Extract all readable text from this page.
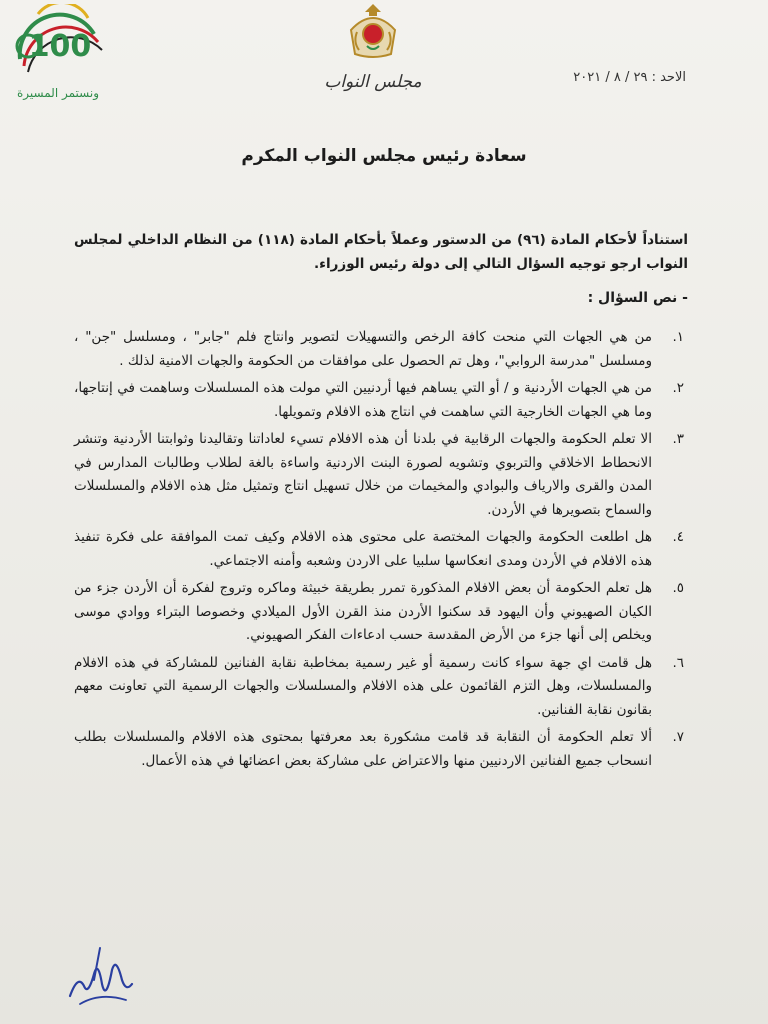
100
ونستمر المسيرة
مجلس النواب	الاحد : ٢٩ / ٨ / ٢٠٢١
سعادة رئيس مجلس النواب المكرم
استناداً لأحكام المادة (٩٦) من الدستور وعملاً بأحكام المادة (١١٨) من النظام الداخلي لمجلس النواب ارجو توجيه السؤال التالي إلى دولة رئيس الوزراء.
- نص السؤال :
١.
من هي الجهات التي منحت كافة الرخص والتسهيلات لتصوير وانتاج فلم "جابر" ، ومسلسل "جن" ، ومسلسل "مدرسة الروابي"، وهل تم الحصول على موافقات من الحكومة والجهات الامنية لذلك .
٢.
من هي الجهات الأردنية و / أو التي يساهم فيها أردنيين التي مولت هذه المسلسلات وساهمت في إنتاجها، وما هي الجهات الخارجية التي ساهمت في انتاج هذه الافلام وتمويلها.
٣.
الا تعلم الحكومة والجهات الرقابية في بلدنا أن هذه الافلام تسيء لعاداتنا وتقاليدنا وثوابتنا الأردنية وتنشر الانحطاط الاخلاقي والتربوي وتشويه لصورة البنت الاردنية واساءة بالغة لطلاب وطالبات المدارس في المدن والقرى والارياف والبوادي والمخيمات من خلال تسهيل انتاج وتمثيل مثل هذه الافلام والمسلسلات والسماح بتصويرها في الأردن.
٤.
هل اطلعت الحكومة والجهات المختصة على محتوى هذه الافلام وكيف تمت الموافقة على فكرة تنفيذ هذه الافلام في الأردن ومدى انعكاسها سلبيا على الاردن وشعبه وأمنه الاجتماعي.
٥.
هل تعلم الحكومة أن بعض الافلام المذكورة تمرر بطريقة خبيثة وماكره وتروج لفكرة أن الأردن جزء من الكيان الصهيوني وأن اليهود قد سكنوا الأردن منذ القرن الأول الميلادي وخصوصا البتراء ووادي موسى ويخلص إلى أنها جزء من الأرض المقدسة حسب ادعاءات الفكر الصهيوني.
٦.
هل قامت اي جهة سواء كانت رسمية أو غير رسمية بمخاطبة نقابة الفنانين للمشاركة في هذه الافلام والمسلسلات، وهل التزم القائمون على هذه الافلام والمسلسلات والجهات الرسمية التي تعاونت معهم بقانون نقابة الفنانين.
٧.
ألا تعلم الحكومة أن النقابة قد قامت مشكورة بعد معرفتها بمحتوى هذه الافلام والمسلسلات بطلب انسحاب جميع الفنانين الاردنيين منها والاعتراض على مشاركة بعض اعضائها في هذه الأعمال.
